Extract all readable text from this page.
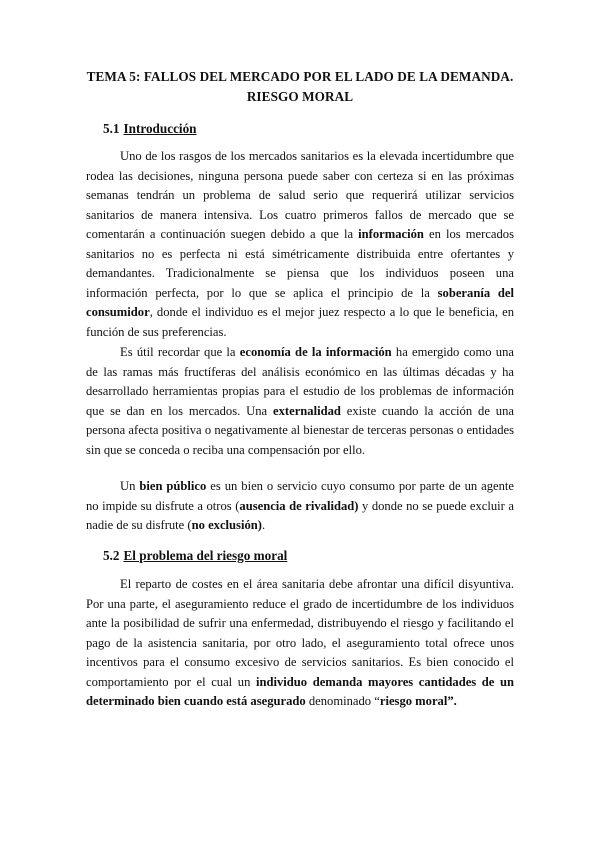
TEMA 5: FALLOS DEL MERCADO POR EL LADO DE LA DEMANDA.
RIESGO MORAL
5.1 Introducción

Uno de los rasgos de los mercados sanitarios es la elevada incertidumbre que rodea las decisiones, ninguna persona puede saber con certeza si en las próximas semanas tendrán un problema de salud serio que requerirá utilizar servicios sanitarios de manera intensiva. Los cuatro primeros fallos de mercado que se comentarán a continuación suegen debido a que la información en los mercados sanitarios no es perfecta ni está simétricamente distribuida entre ofertantes y demandantes. Tradicionalmente se piensa que los individuos poseen una información perfecta, por lo que se aplica el principio de la soberanía del consumidor, donde el individuo es el mejor juez respecto a lo que le beneficia, en función de sus preferencias.

Es útil recordar que la economía de la información ha emergido como una de las ramas más fructíferas del análisis económico en las últimas décadas y ha desarrollado herramientas propias para el estudio de los problemas de información que se dan en los mercados. Una externalidad existe cuando la acción de una persona afecta positiva o negativamente al bienestar de terceras personas o entidades sin que se conceda o reciba una compensación por ello.

Un bien público es un bien o servicio cuyo consumo por parte de un agente no impide su disfrute a otros (ausencia de rivalidad) y donde no se puede excluir a nadie de su disfrute (no exclusión).

5.2 El problema del riesgo moral

El reparto de costes en el área sanitaria debe afrontar una difícil disyuntiva. Por una parte, el aseguramiento reduce el grado de incertidumbre de los individuos ante la posibilidad de sufrir una enfermedad, distribuyendo el riesgo y facilitando el pago de la asistencia sanitaria, por otro lado, el aseguramiento total ofrece unos incentivos para el consumo excesivo de servicios sanitarios. Es bien conocido el comportamiento por el cual un individuo demanda mayores cantidades de un determinado bien cuando está asegurado denominado “riesgo moral”.
